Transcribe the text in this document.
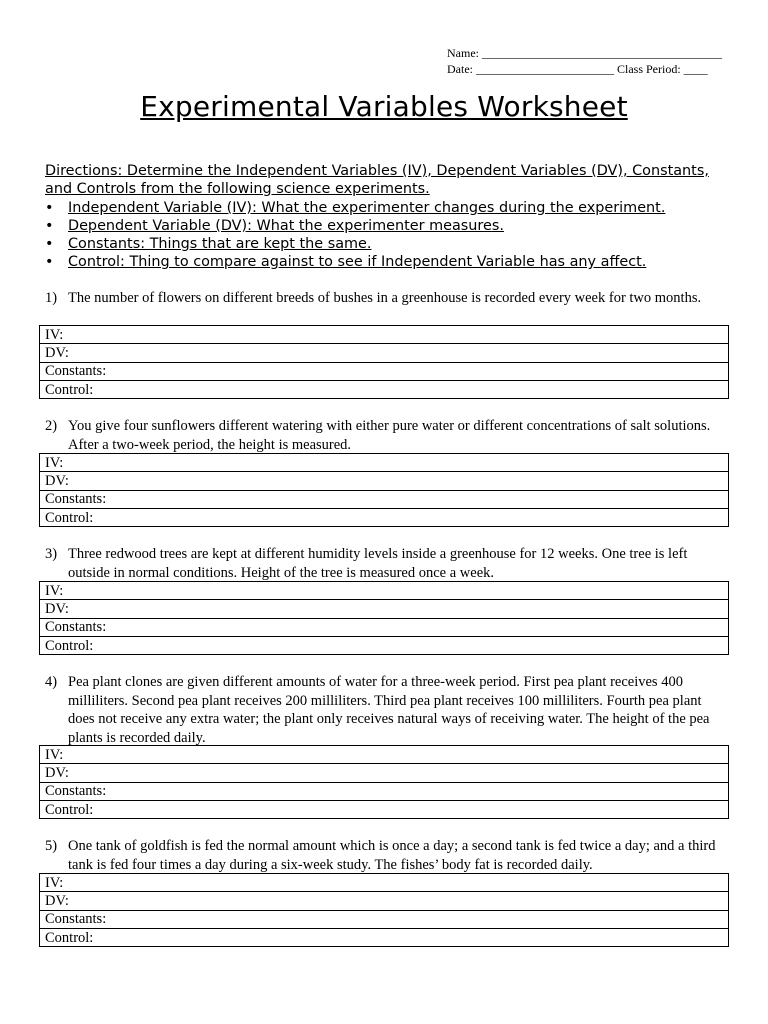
Name: ________________________________________
Date: _______________________ Class Period: ____
Experimental Variables Worksheet
Directions: Determine the Independent Variables (IV), Dependent Variables (DV), Constants, and Controls from the following science experiments.
• Independent Variable (IV): What the experimenter changes during the experiment.
• Dependent Variable (DV): What the experimenter measures.
• Constants: Things that are kept the same.
• Control: Thing to compare against to see if Independent Variable has any affect.
1) The number of flowers on different breeds of bushes in a greenhouse is recorded every week for two months.
IV:
DV:
Constants:
Control:
2) You give four sunflowers different watering with either pure water or different concentrations of salt solutions. After a two-week period, the height is measured.
IV:
DV:
Constants:
Control:
3) Three redwood trees are kept at different humidity levels inside a greenhouse for 12 weeks. One tree is left outside in normal conditions. Height of the tree is measured once a week.
IV:
DV:
Constants:
Control:
4) Pea plant clones are given different amounts of water for a three-week period. First pea plant receives 400 milliliters. Second pea plant receives 200 milliliters. Third pea plant receives 100 milliliters. Fourth pea plant does not receive any extra water; the plant only receives natural ways of receiving water. The height of the pea plants is recorded daily.
IV:
DV:
Constants:
Control:
5) One tank of goldfish is fed the normal amount which is once a day; a second tank is fed twice a day; and a third tank is fed four times a day during a six-week study. The fishes’ body fat is recorded daily.
IV:
DV:
Constants:
Control:
